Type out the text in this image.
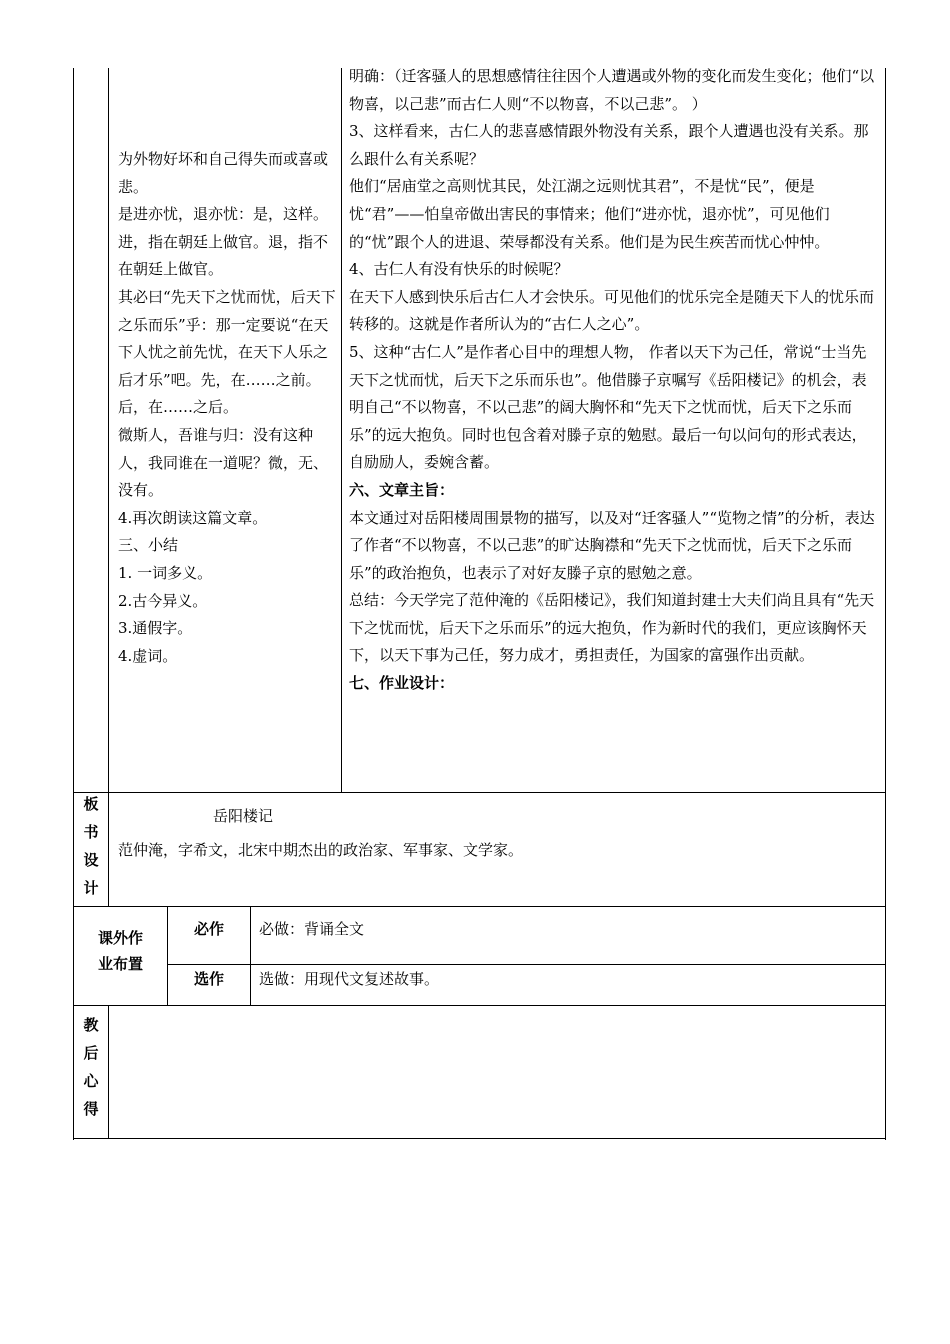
为外物好坏和自己得失而或喜或悲。

是进亦忧，退亦忧：是，这样。进，指在朝廷上做官。退，指不在朝廷上做官。

其必曰“先天下之忧而忧，后天下之乐而乐”乎：那一定要说“在天下人忧之前先忧，在天下人乐之后才乐”吧。先，在……之前。后，在……之后。

微斯人，吾谁与归：没有这种人，我同谁在一道呢？微，无、没有。

4.再次朗读这篇文章。

三、小结

1. 一词多义。

2.古今异义。

3.通假字。

4.虚词。

明确：（迁客骚人的思想感情往往因个人遭遇或外物的变化而发生变化；他们“以物喜，以己悲”而古仁人则“不以物喜，不以己悲”。 ）

3、这样看来，古仁人的悲喜感情跟外物没有关系，跟个人遭遇也没有关系。那么跟什么有关系呢？

他们“居庙堂之高则忧其民，处江湖之远则忧其君”，不是忧“民”，便是忧“君”——怕皇帝做出害民的事情来；他们“进亦忧，退亦忧”，可见他们的“忧”跟个人的进退、荣辱都没有关系。他们是为民生疾苦而忧心忡忡。

4、古仁人有没有快乐的时候呢？

在天下人感到快乐后古仁人才会快乐。可见他们的忧乐完全是随天下人的忧乐而转移的。这就是作者所认为的“古仁人之心”。

5、这种“古仁人”是作者心目中的理想人物， 作者以天下为己任，常说“士当先天下之忧而忧，后天下之乐而乐也”。他借滕子京嘱写《岳阳楼记》的机会，表明自己“不以物喜，不以己悲”的阔大胸怀和“先天下之忧而忧，后天下之乐而乐”的远大抱负。同时也包含着对滕子京的勉慰。最后一句以问句的形式表达，自励励人，委婉含蓄。

六、文章主旨：

本文通过对岳阳楼周围景物的描写，以及对“迁客骚人”“览物之情”的分析，表达了作者“不以物喜，不以己悲”的旷达胸襟和“先天下之忧而忧，后天下之乐而乐”的政治抱负，也表示了对好友滕子京的慰勉之意。

总结：今天学完了范仲淹的《岳阳楼记》，我们知道封建士大夫们尚且具有“先天下之忧而忧，后天下之乐而乐”的远大抱负，作为新时代的我们，更应该胸怀天下，以天下事为己任，努力成才，勇担责任，为国家的富强作出贡献。

七、作业设计：

板
书
设
计
岳阳楼记
范仲淹，字希文，北宋中期杰出的政治家、军事家、文学家。
课外作
业布置
必作	必做：背诵全文
选作	选做：用现代文复述故事。
教
后
心
得
